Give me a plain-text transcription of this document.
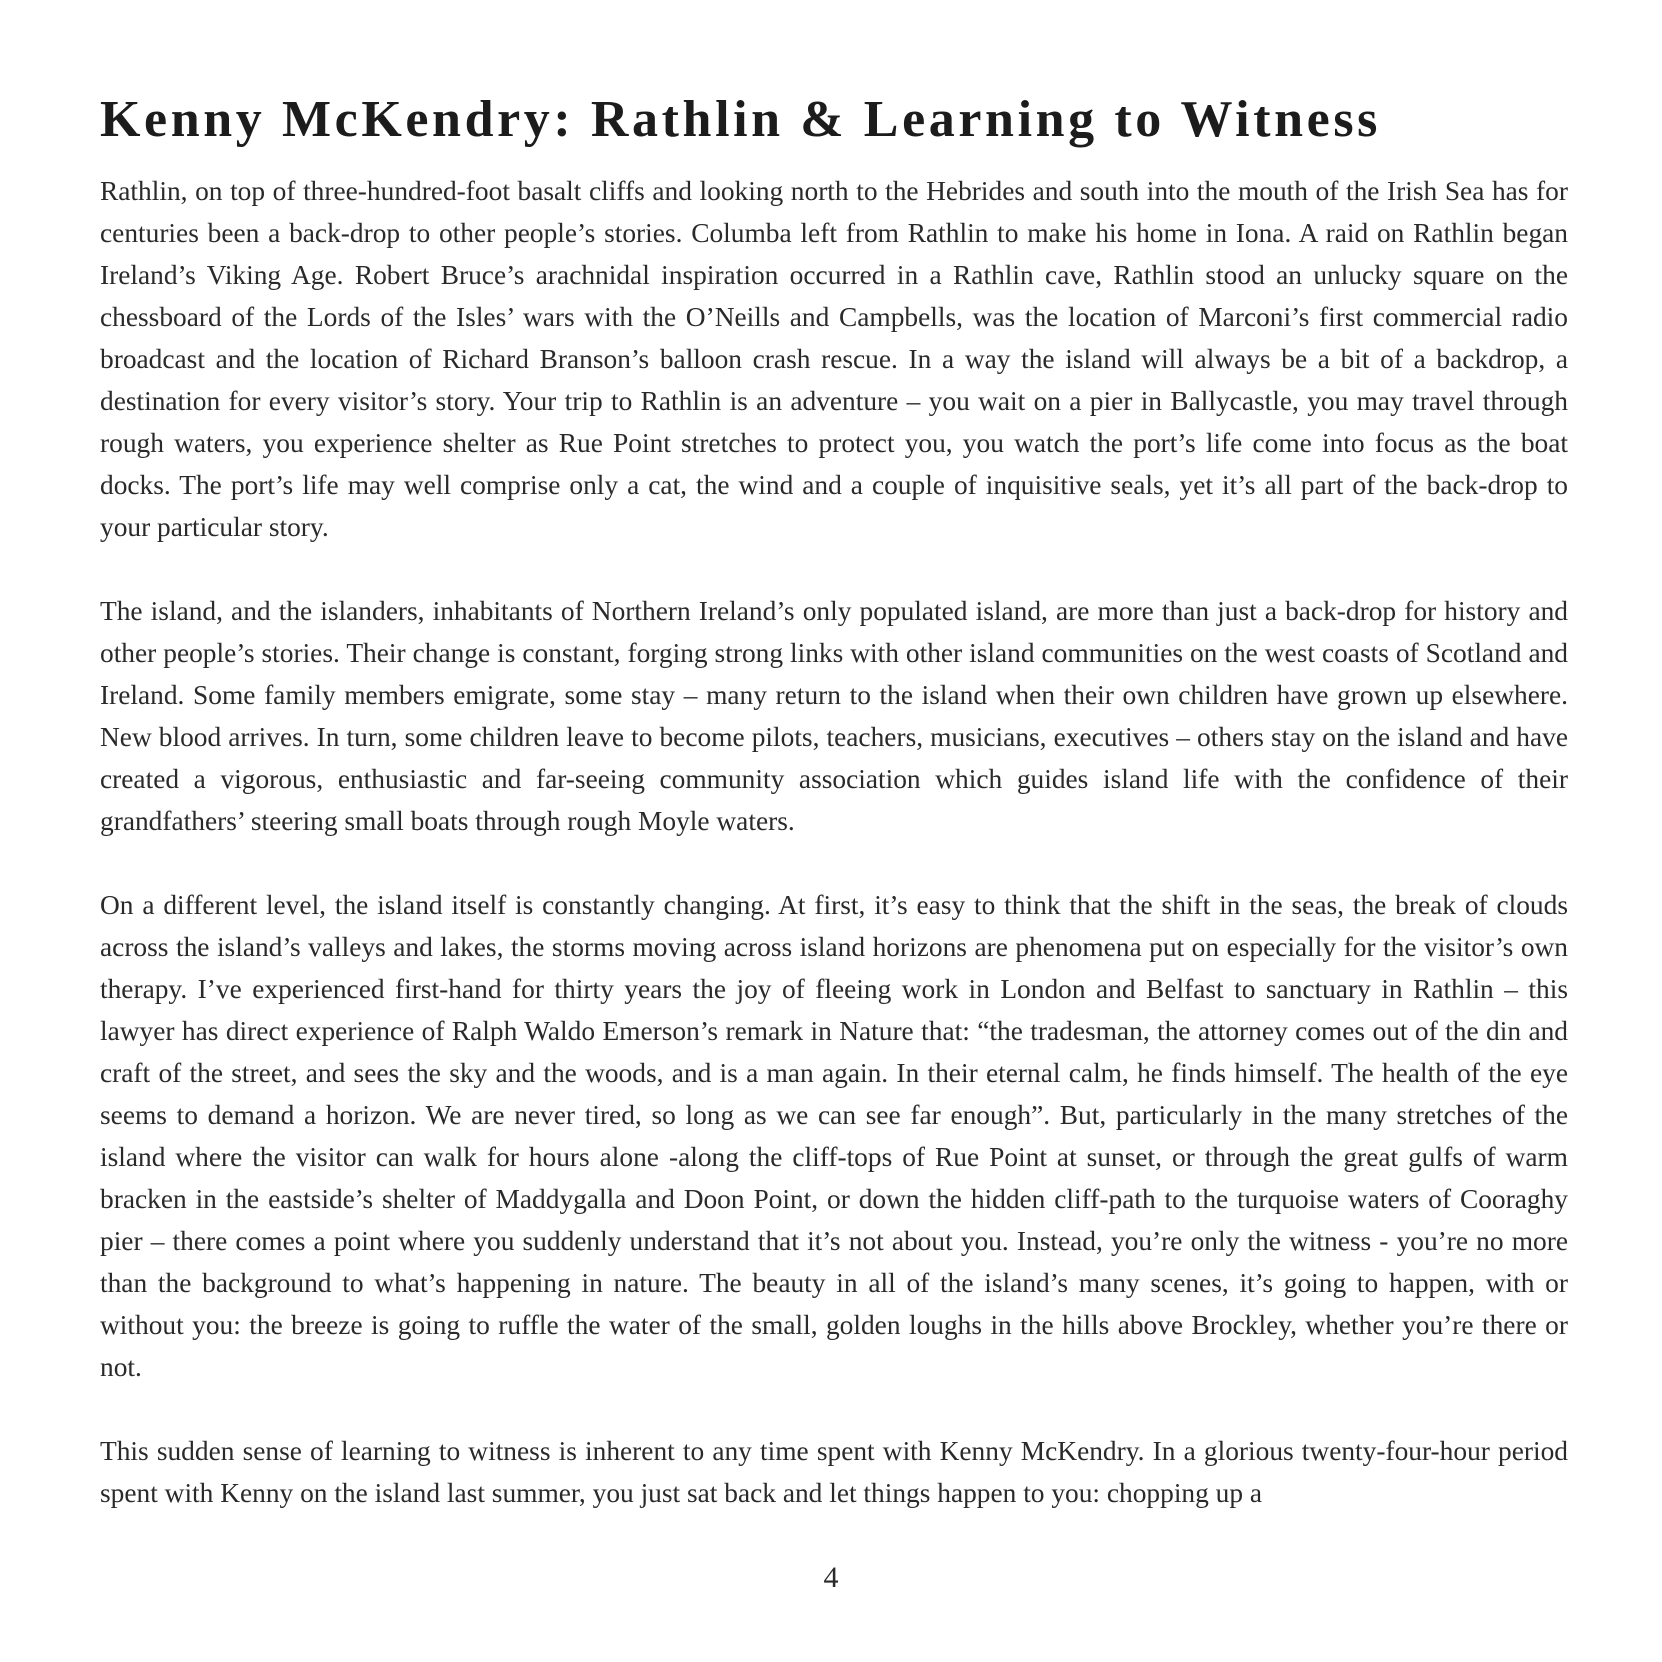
Kenny McKendry: Rathlin & Learning to Witness

Rathlin, on top of three-hundred-foot basalt cliffs and looking north to the Hebrides and south into the mouth of the Irish Sea has for centuries been a back-drop to other people’s stories. Columba left from Rathlin to make his home in Iona. A raid on Rathlin began Ireland’s Viking Age. Robert Bruce’s arachnidal inspiration occurred in a Rathlin cave, Rathlin stood an unlucky square on the chessboard of the Lords of the Isles’ wars with the O’Neills and Campbells, was the location of Marconi’s first commercial radio broadcast and the location of Richard Branson’s balloon crash rescue. In a way the island will always be a bit of a backdrop, a destination for every visitor’s story. Your trip to Rathlin is an adventure – you wait on a pier in Ballycastle, you may travel through rough waters, you experience shelter as Rue Point stretches to protect you, you watch the port’s life come into focus as the boat docks. The port’s life may well comprise only a cat, the wind and a couple of inquisitive seals, yet it’s all part of the back-drop to your particular story.

The island, and the islanders, inhabitants of Northern Ireland’s only populated island, are more than just a back-drop for history and other people’s stories. Their change is constant, forging strong links with other island communities on the west coasts of Scotland and Ireland. Some family members emigrate, some stay – many return to the island when their own children have grown up elsewhere. New blood arrives. In turn, some children leave to become pilots, teachers, musicians, executives – others stay on the island and have created a vigorous, enthusiastic and far-seeing community association which guides island life with the confidence of their grandfathers’ steering small boats through rough Moyle waters.

On a different level, the island itself is constantly changing. At first, it’s easy to think that the shift in the seas, the break of clouds across the island’s valleys and lakes, the storms moving across island horizons are phenomena put on especially for the visitor’s own therapy. I’ve experienced first-hand for thirty years the joy of fleeing work in London and Belfast to sanctuary in Rathlin – this lawyer has direct experience of Ralph Waldo Emerson’s remark in Nature that: “the tradesman, the attorney comes out of the din and craft of the street, and sees the sky and the woods, and is a man again. In their eternal calm, he finds himself. The health of the eye seems to demand a horizon. We are never tired, so long as we can see far enough”. But, particularly in the many stretches of the island where the visitor can walk for hours alone -along the cliff-tops of Rue Point at sunset, or through the great gulfs of warm bracken in the eastside’s shelter of Maddygalla and Doon Point, or down the hidden cliff-path to the turquoise waters of Cooraghy pier – there comes a point where you suddenly understand that it’s not about you. Instead, you’re only the witness - you’re no more than the background to what’s happening in nature. The beauty in all of the island’s many scenes, it’s going to happen, with or without you: the breeze is going to ruffle the water of the small, golden loughs in the hills above Brockley, whether you’re there or not.

This sudden sense of learning to witness is inherent to any time spent with Kenny McKendry. In a glorious twenty-four-hour period spent with Kenny on the island last summer, you just sat back and let things happen to you: chopping up a

4
